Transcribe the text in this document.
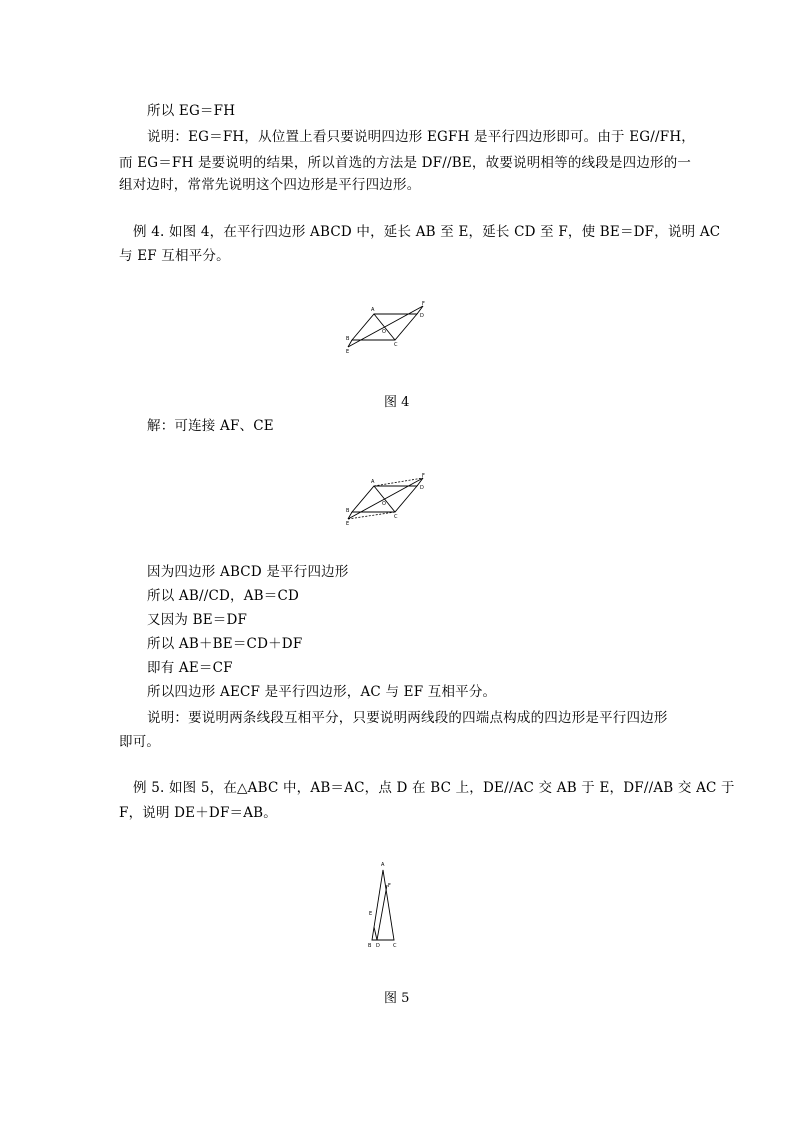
所以 EG＝FH
说明：EG＝FH，从位置上看只要说明四边形 EGFH 是平行四边形即可。由于 EG//FH，
而 EG＝FH 是要说明的结果，所以首选的方法是 DF//BE，故要说明相等的线段是四边形的一
组对边时，常常先说明这个四边形是平行四边形。
例 4. 如图 4，在平行四边形 ABCD 中，延长 AB 至 E，延长 CD 至 F，使 BE＝DF，说明 AC
与 EF 互相平分。
A
D
F
B
C
E
O
图 4
解：可连接 AF、CE
A
D
F
B
C
E
O
因为四边形 ABCD 是平行四边形
所以 AB//CD，AB＝CD
又因为 BE＝DF
所以 AB＋BE＝CD＋DF
即有 AE＝CF
所以四边形 AECF 是平行四边形，AC 与 EF 互相平分。
说明：要说明两条线段互相平分，只要说明两线段的四端点构成的四边形是平行四边形
即可。
例 5. 如图 5，在△ABC 中，AB＝AC，点 D 在 BC 上，DE//AC 交 AB 于 E，DF//AB 交 AC 于
F，说明 DE＋DF＝AB。
A
F
E
B D	C
图 5
